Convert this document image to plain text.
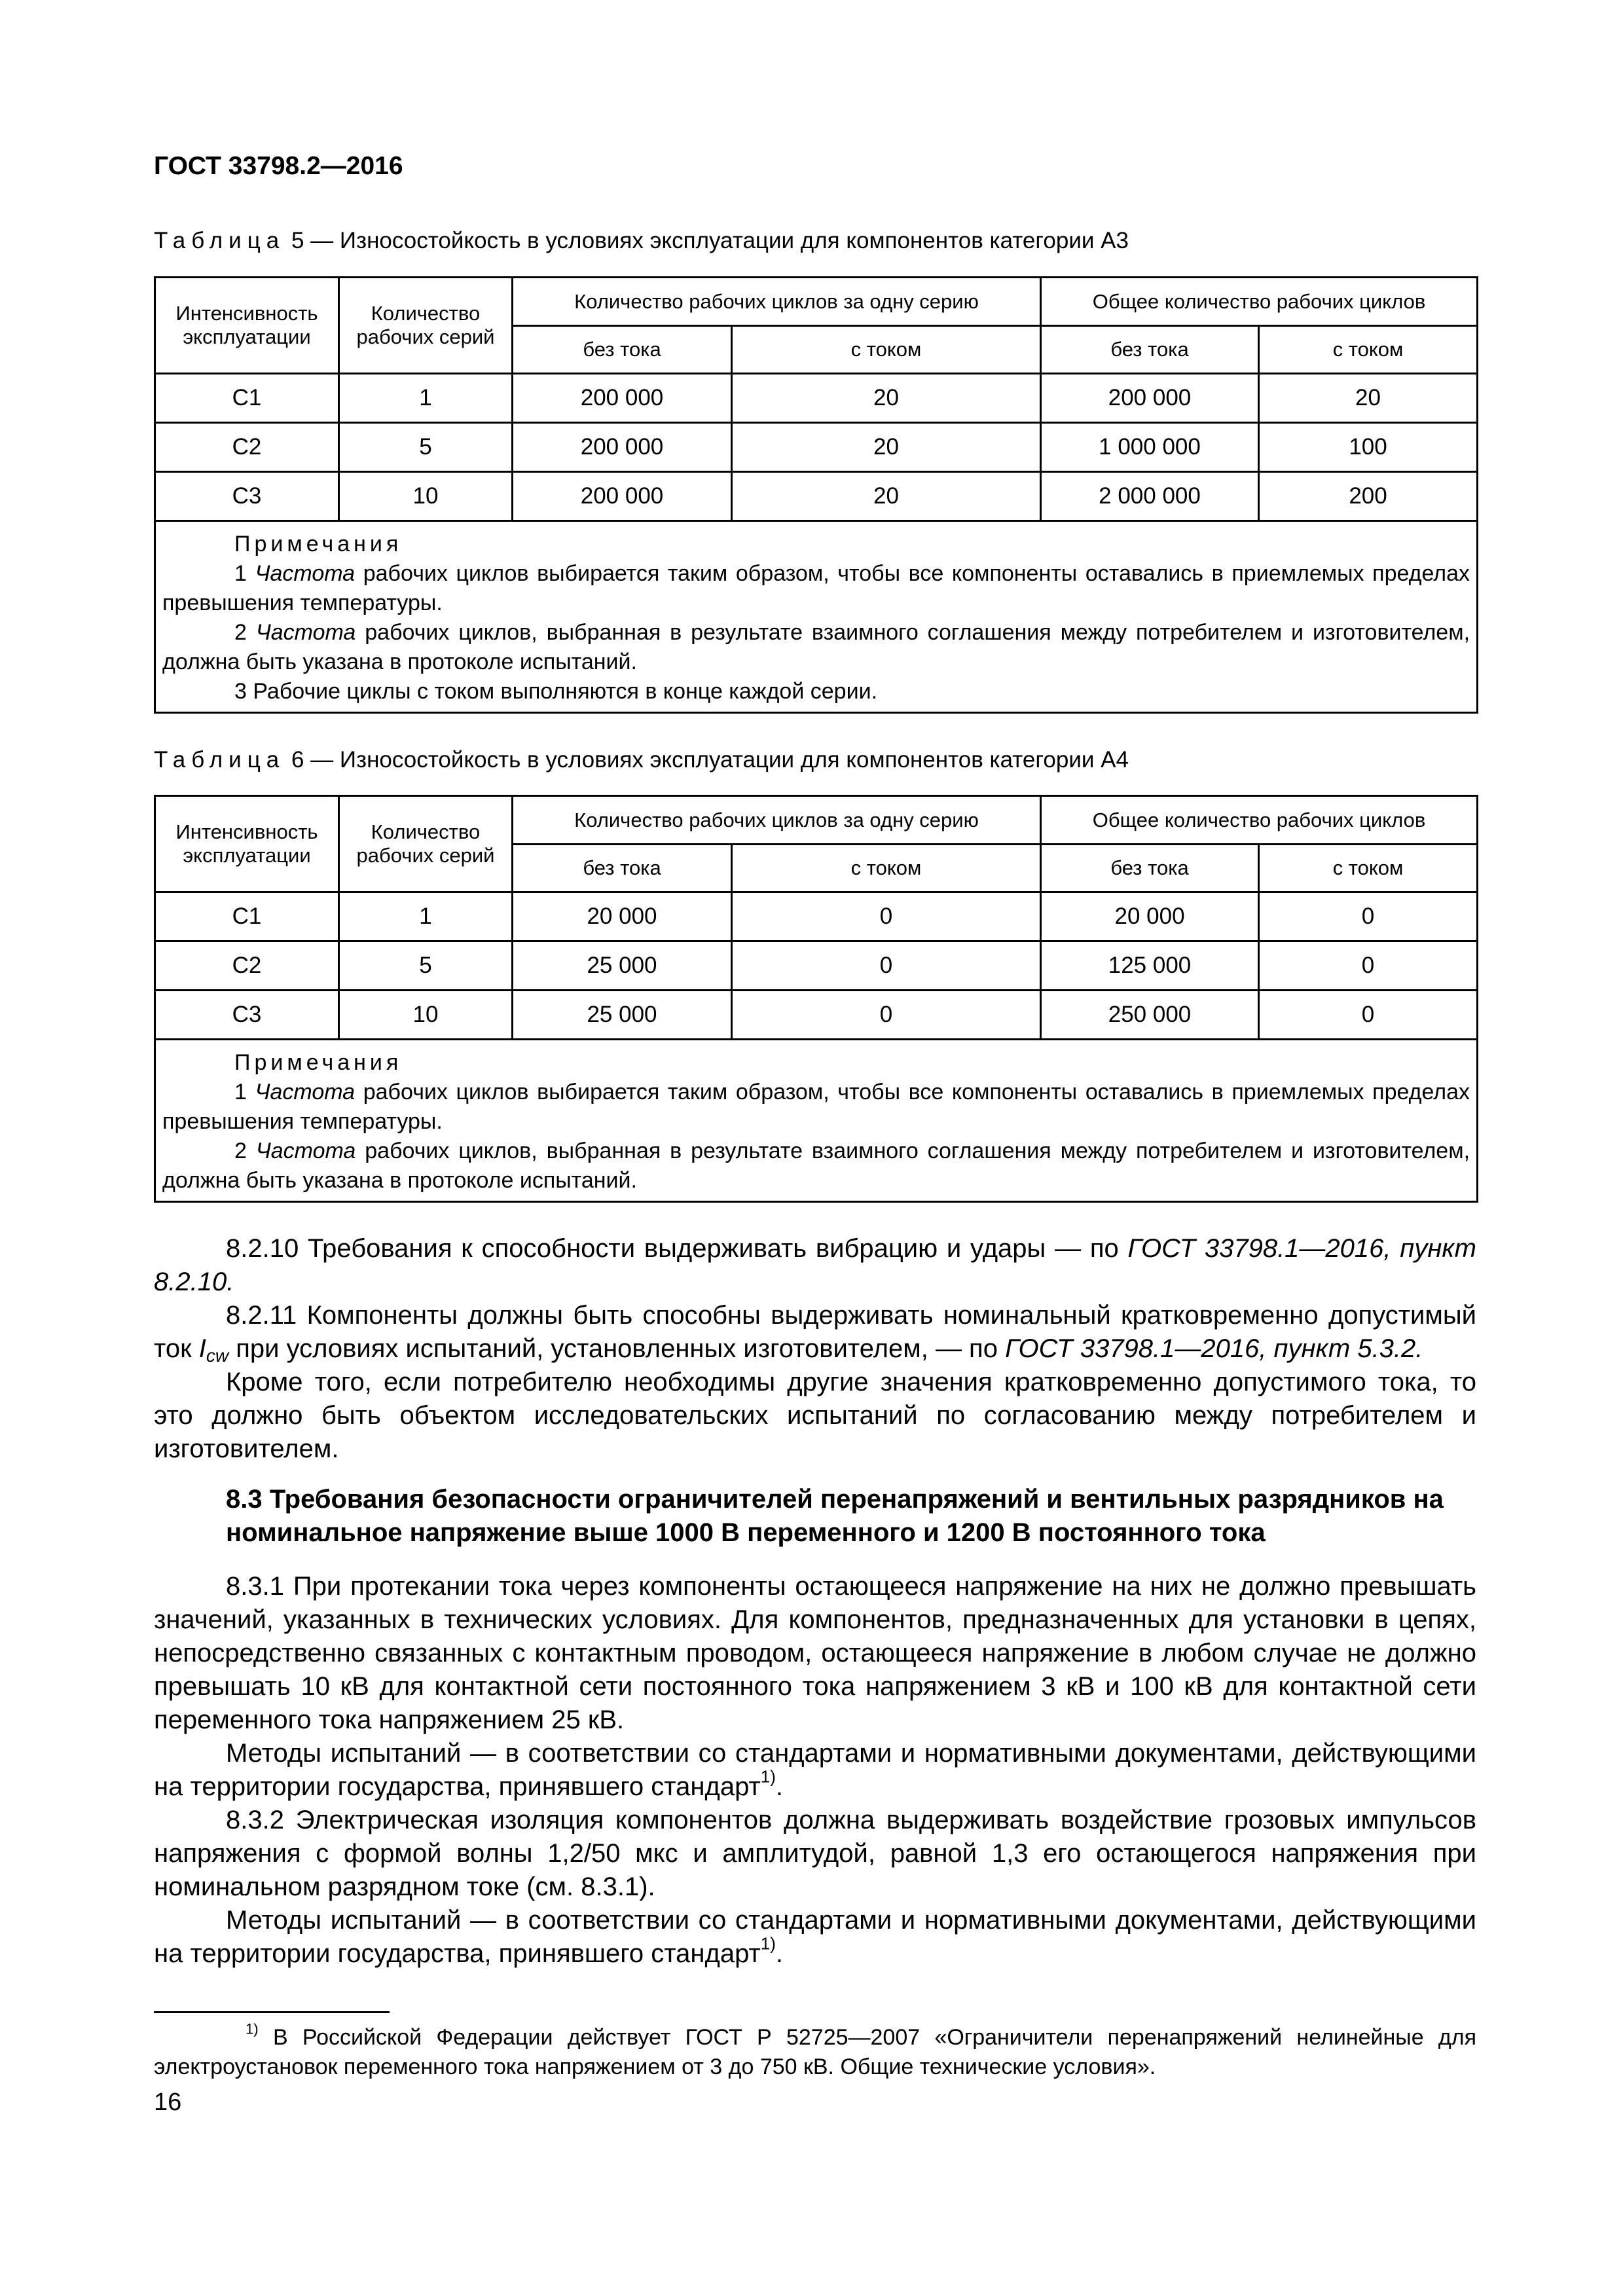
ГОСТ 33798.2—2016
Таблица 5 — Износостойкость в условиях эксплуатации для компонентов категории А3
Интенсивность эксплуатации	Количество рабочих серий	Количество рабочих циклов за одну серию		Общее количество рабочих циклов	
		без тока	с током	без тока	с током
С1	1	200 000	20	200 000	20
С2	5	200 000	20	1 000 000	100
С3	10	200 000	20	2 000 000	200

Примечания
1 Частота рабочих циклов выбирается таким образом, чтобы все компоненты оставались в приемлемых пределах превышения температуры.
2 Частота рабочих циклов, выбранная в результате взаимного соглашения между потребителем и изготовителем, должна быть указана в протоколе испытаний.
3 Рабочие циклы с током выполняются в конце каждой серии.					
Таблица 6 — Износостойкость в условиях эксплуатации для компонентов категории А4
Интенсивность эксплуатации	Количество рабочих серий	Количество рабочих циклов за одну серию		Общее количество рабочих циклов	
		без тока	с током	без тока	с током
С1	1	20 000	0	20 000	0
С2	5	25 000	0	125 000	0
С3	10	25 000	0	250 000	0

Примечания
1 Частота рабочих циклов выбирается таким образом, чтобы все компоненты оставались в приемлемых пределах превышения температуры.
2 Частота рабочих циклов, выбранная в результате взаимного соглашения между потребителем и изготовителем, должна быть указана в протоколе испытаний.					

8.2.10 Требования к способности выдерживать вибрацию и удары — по ГОСТ 33798.1—2016, пункт 8.2.10.

8.2.11 Компоненты должны быть способны выдерживать номинальный кратковременно допустимый ток $I_{cw}$ при условиях испытаний, установленных изготовителем, — по ГОСТ 33798.1—2016, пункт 5.3.2.

Кроме того, если потребителю необходимы другие значения кратковременно допустимого тока, то это должно быть объектом исследовательских испытаний по согласованию между потребителем и изготовителем.

8.3 Требования безопасности ограничителей перенапряжений и вентильных разрядников на номинальное напряжение выше 1000 В переменного и 1200 В постоянного тока

8.3.1 При протекании тока через компоненты остающееся напряжение на них не должно превышать значений, указанных в технических условиях. Для компонентов, предназначенных для установки в цепях, непосредственно связанных с контактным проводом, остающееся напряжение в любом случае не должно превышать 10 кВ для контактной сети постоянного тока напряжением 3 кВ и 100 кВ для контактной сети переменного тока напряжением 25 кВ.

Методы испытаний — в соответствии со стандартами и нормативными документами, действующими на территории государства, принявшего стандарт$^{1)}$.

8.3.2 Электрическая изоляция компонентов должна выдерживать воздействие грозовых импульсов напряжения с формой волны 1,2/50 мкс и амплитудой, равной 1,3 его остающегося напряжения при номинальном разрядном токе (см. 8.3.1).

Методы испытаний — в соответствии со стандартами и нормативными документами, действующими на территории государства, принявшего стандарт$^{1)}$.

$^{1)}$ В Российской Федерации действует ГОСТ Р 52725—2007 «Ограничители перенапряжений нелинейные для электроустановок переменного тока напряжением от 3 до 750 кВ. Общие технические условия».

16
